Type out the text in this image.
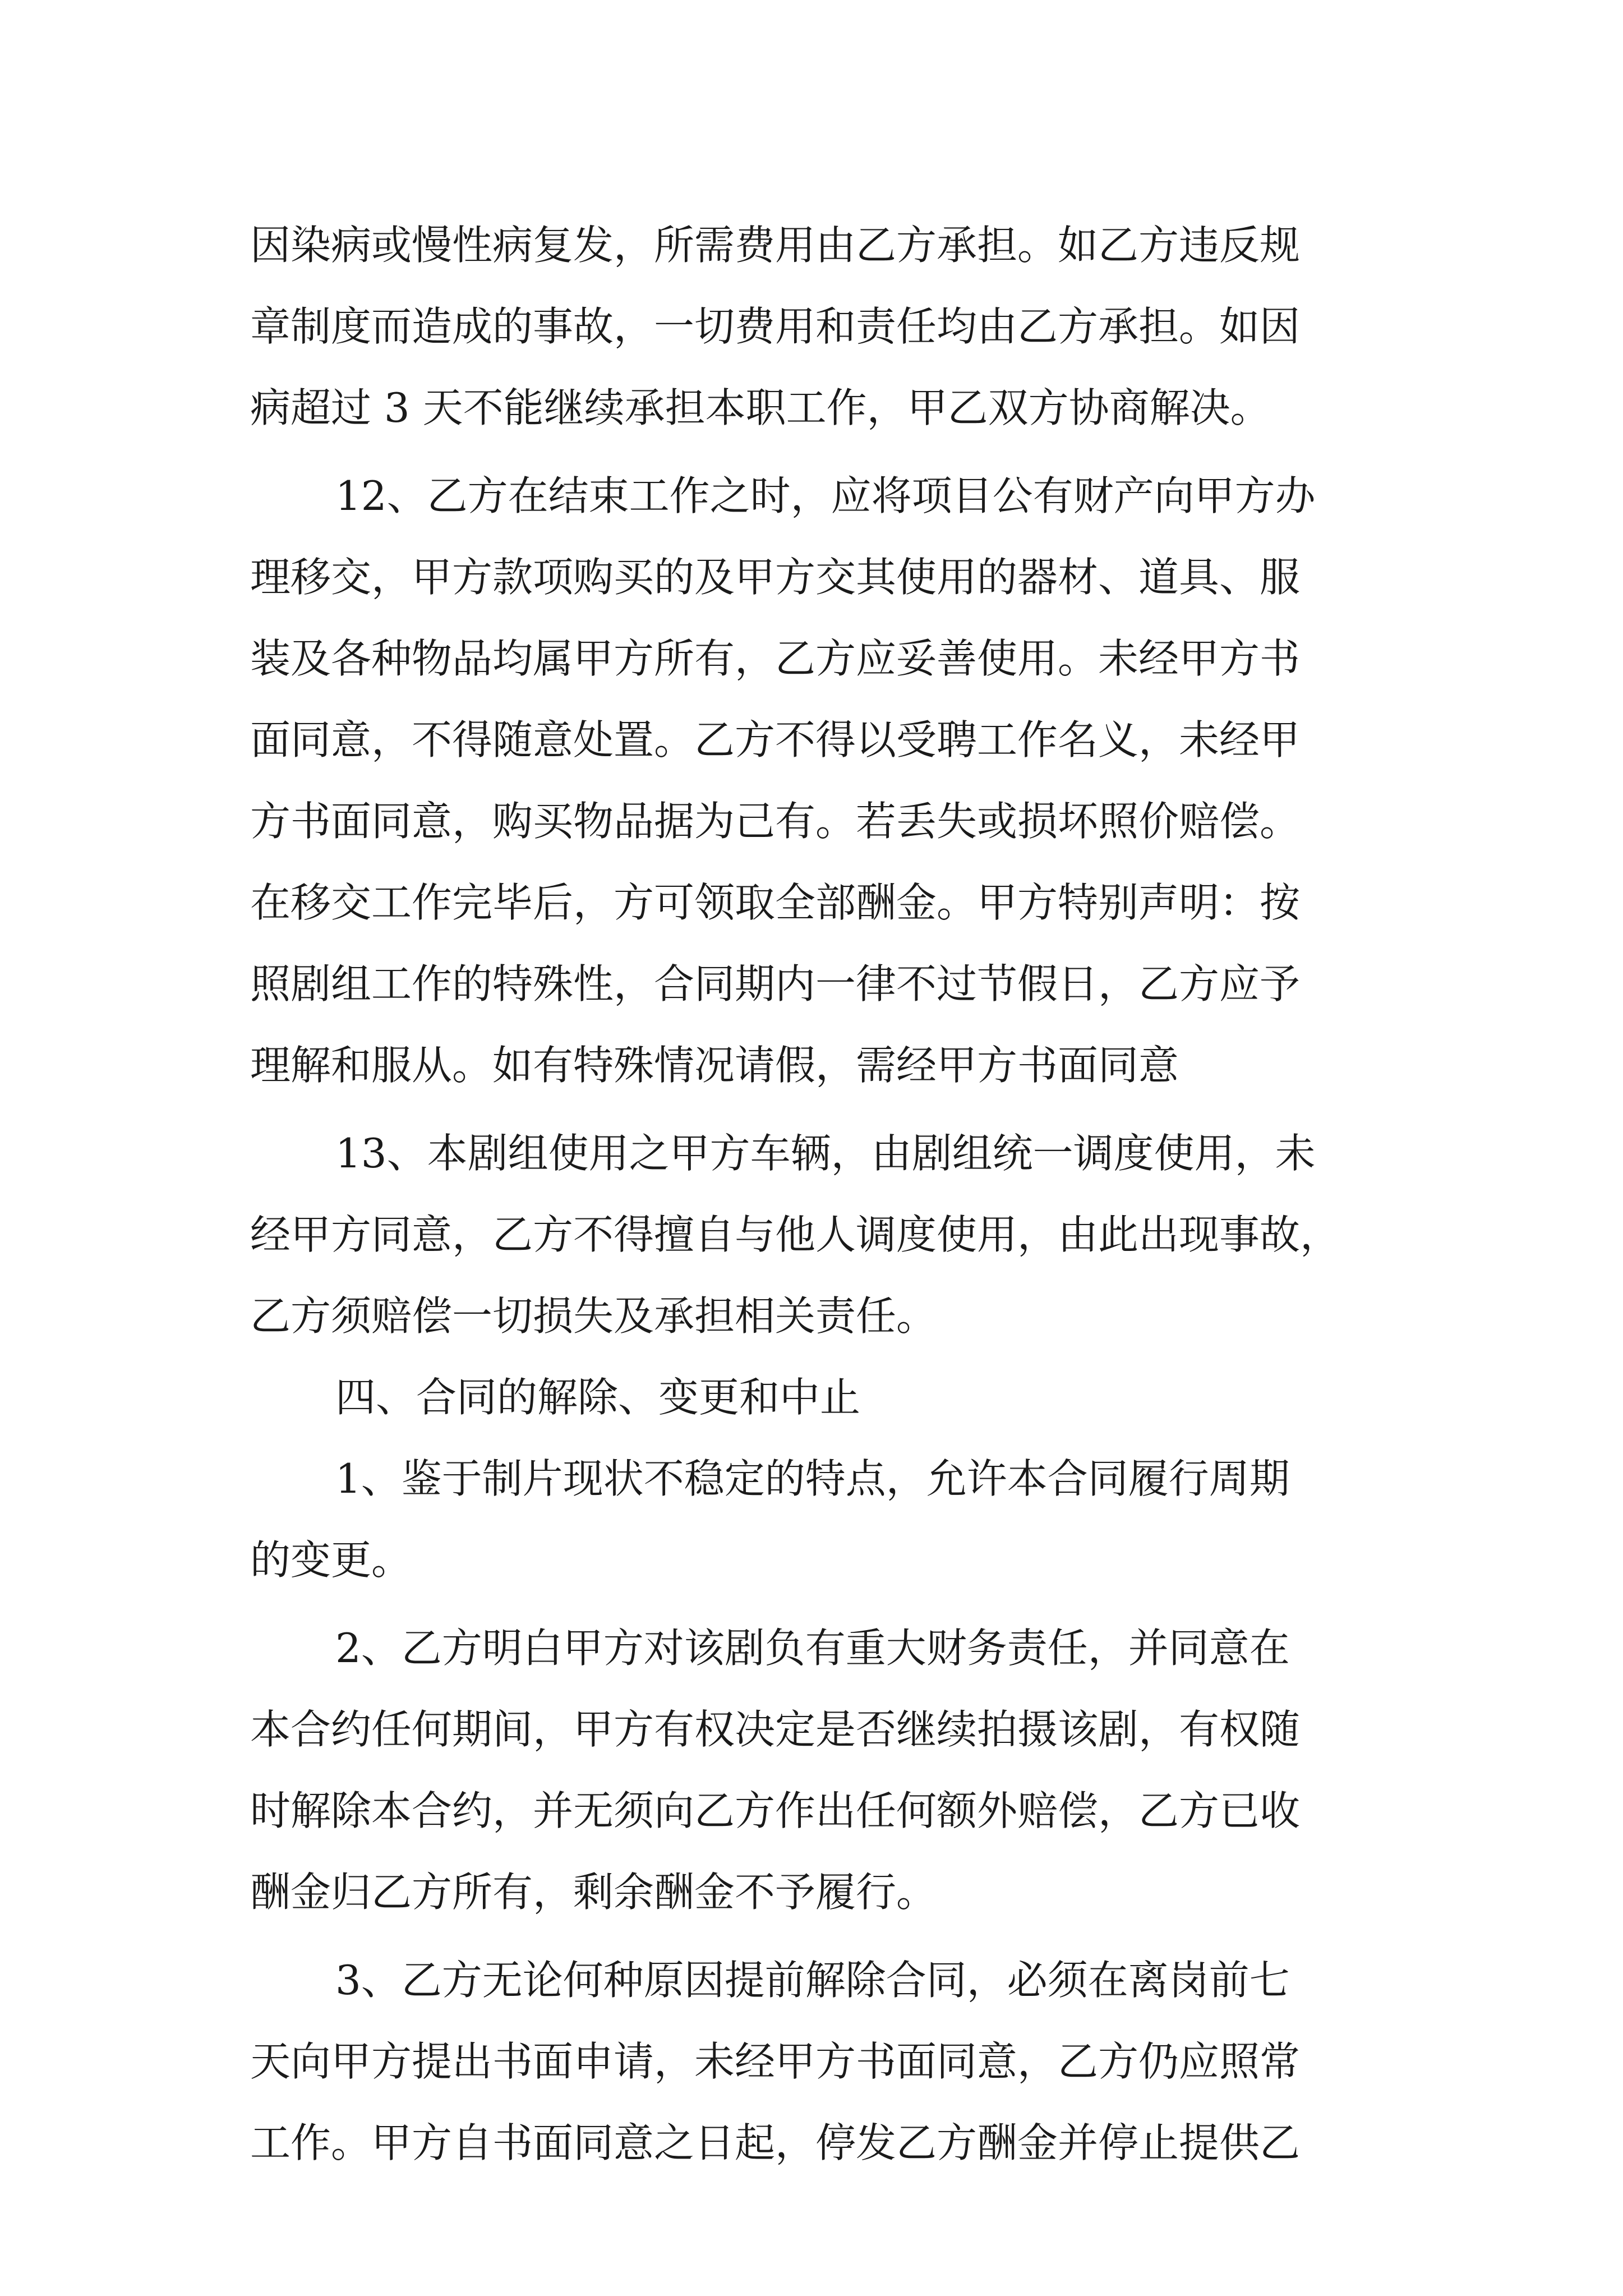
因染病或慢性病复发，所需费用由乙方承担。如乙方违反规
章制度而造成的事故，一切费用和责任均由乙方承担。如因
病超过 3 天不能继续承担本职工作，甲乙双方协商解决。

12、乙方在结束工作之时，应将项目公有财产向甲方办
理移交，甲方款项购买的及甲方交其使用的器材、道具、服
装及各种物品均属甲方所有，乙方应妥善使用。未经甲方书
面同意，不得随意处置。乙方不得以受聘工作名义，未经甲
方书面同意，购买物品据为己有。若丢失或损坏照价赔偿。
在移交工作完毕后，方可领取全部酬金。甲方特别声明：按
照剧组工作的特殊性，合同期内一律不过节假日，乙方应予
理解和服从。如有特殊情况请假，需经甲方书面同意

13、本剧组使用之甲方车辆，由剧组统一调度使用，未
经甲方同意，乙方不得擅自与他人调度使用，由此出现事故，
乙方须赔偿一切损失及承担相关责任。

四、合同的解除、变更和中止

1、鉴于制片现状不稳定的特点，允许本合同履行周期
的变更。

2、乙方明白甲方对该剧负有重大财务责任，并同意在
本合约任何期间，甲方有权决定是否继续拍摄该剧，有权随
时解除本合约，并无须向乙方作出任何额外赔偿，乙方已收
酬金归乙方所有，剩余酬金不予履行。

3、乙方无论何种原因提前解除合同，必须在离岗前七
天向甲方提出书面申请，未经甲方书面同意，乙方仍应照常
工作。甲方自书面同意之日起，停发乙方酬金并停止提供乙
